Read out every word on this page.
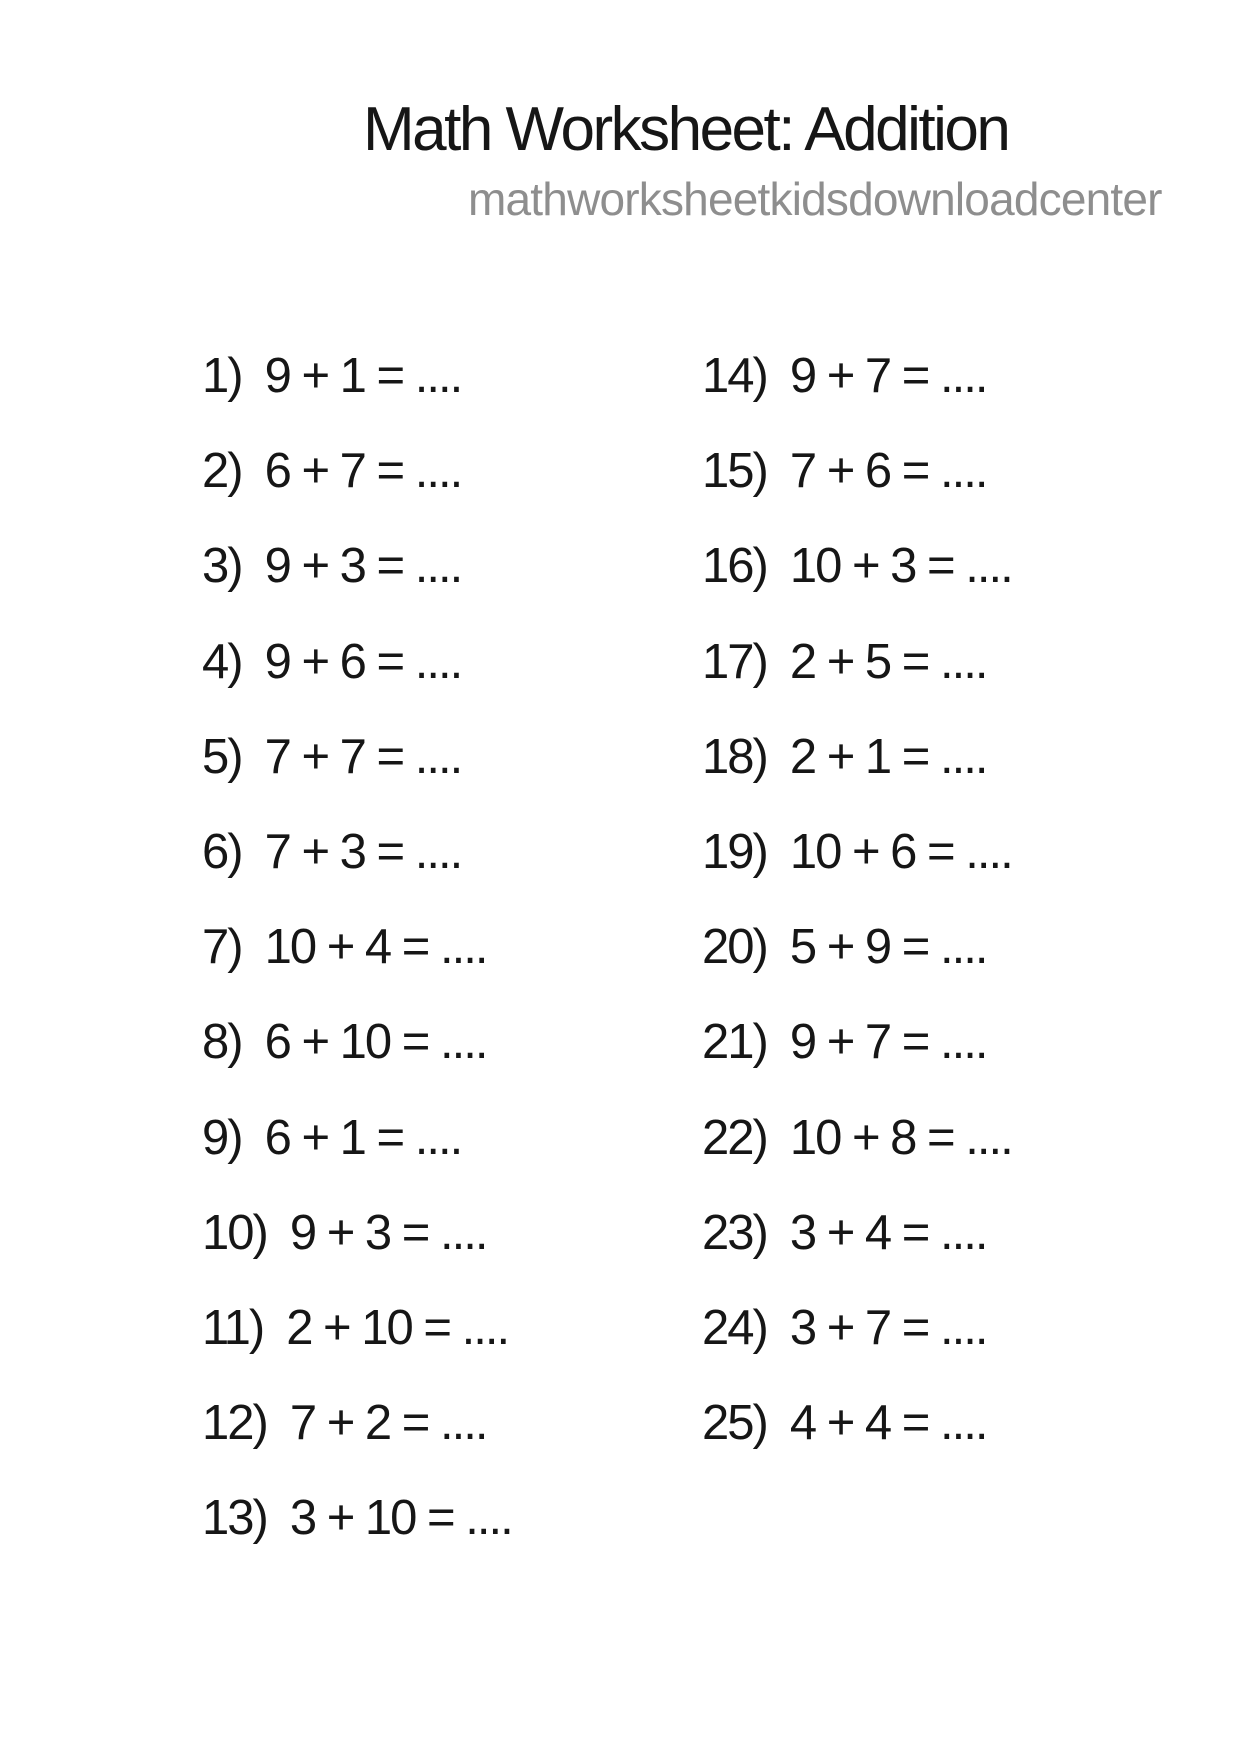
Math Worksheet: Addition
mathworksheetkidsdownloadcenter
1) 9 + 1 = ....
2) 6 + 7 = ....
3) 9 + 3 = ....
4) 9 + 6 = ....
5) 7 + 7 = ....
6) 7 + 3 = ....
7) 10 + 4 = ....
8) 6 + 10 = ....
9) 6 + 1 = ....
10) 9 + 3 = ....
11) 2 + 10 = ....
12) 7 + 2 = ....
13) 3 + 10 = ....
14) 9 + 7 = ....
15) 7 + 6 = ....
16) 10 + 3 = ....
17) 2 + 5 = ....
18) 2 + 1 = ....
19) 10 + 6 = ....
20) 5 + 9 = ....
21) 9 + 7 = ....
22) 10 + 8 = ....
23) 3 + 4 = ....
24) 3 + 7 = ....
25) 4 + 4 = ....
